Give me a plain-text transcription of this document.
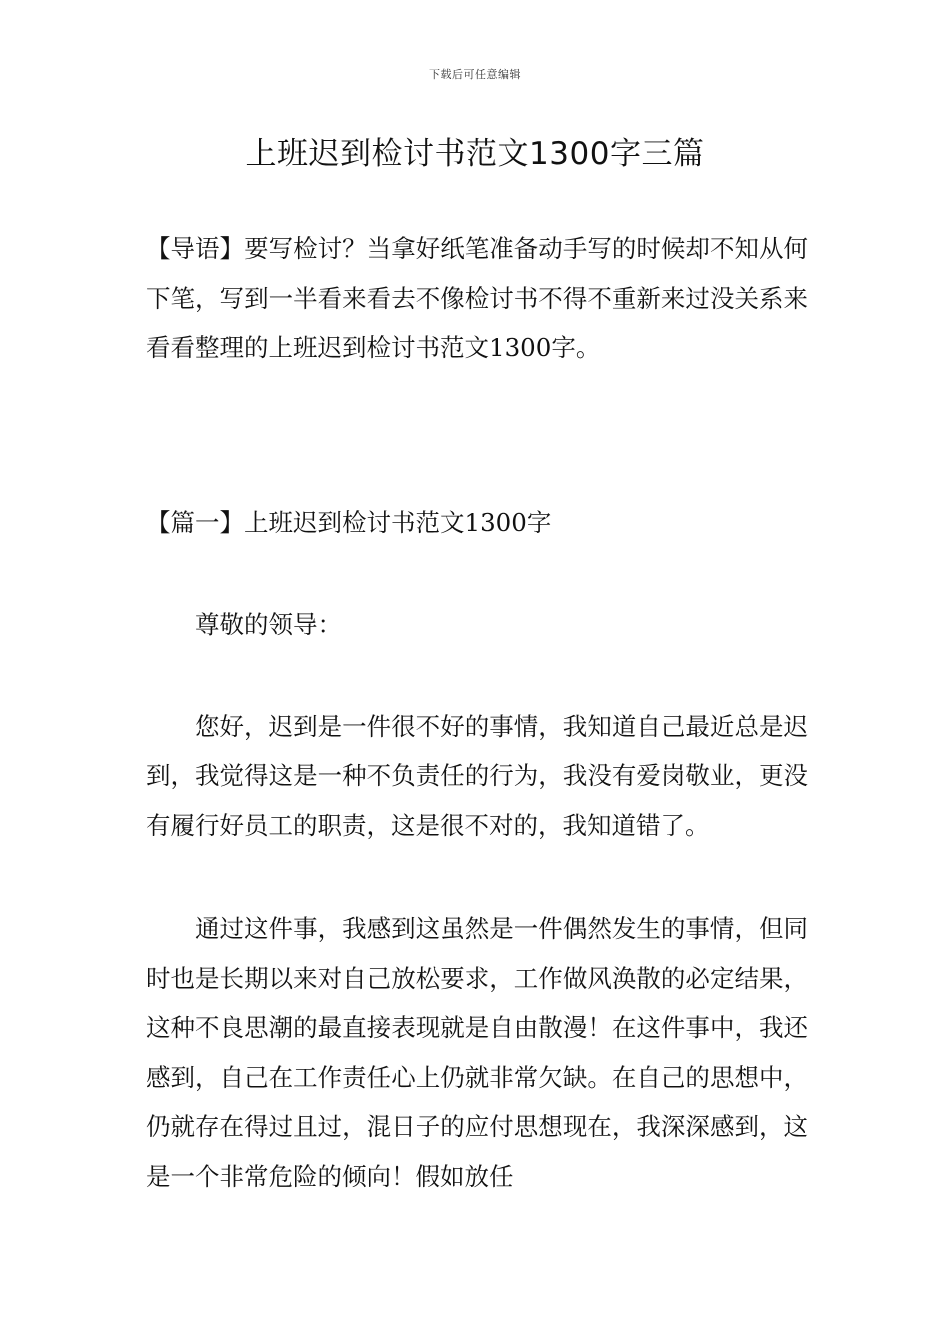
下载后可任意编辑
上班迟到检讨书范文1300字三篇

【导语】要写检讨？当拿好纸笔准备动手写的时候却不知从何下笔，写到一半看来看去不像检讨书不得不重新来过没关系来看看整理的上班迟到检讨书范文1300字。

【篇一】上班迟到检讨书范文1300字

尊敬的领导：

您好，迟到是一件很不好的事情，我知道自己最近总是迟到，我觉得这是一种不负责任的行为，我没有爱岗敬业，更没有履行好员工的职责，这是很不对的，我知道错了。

通过这件事，我感到这虽然是一件偶然发生的事情，但同时也是长期以来对自己放松要求，工作做风涣散的必定结果，这种不良思潮的最直接表现就是自由散漫！在这件事中，我还感到，自己在工作责任心上仍就非常欠缺。在自己的思想中，仍就存在得过且过，混日子的应付思想现在，我深深感到，这是一个非常危险的倾向！假如放任
